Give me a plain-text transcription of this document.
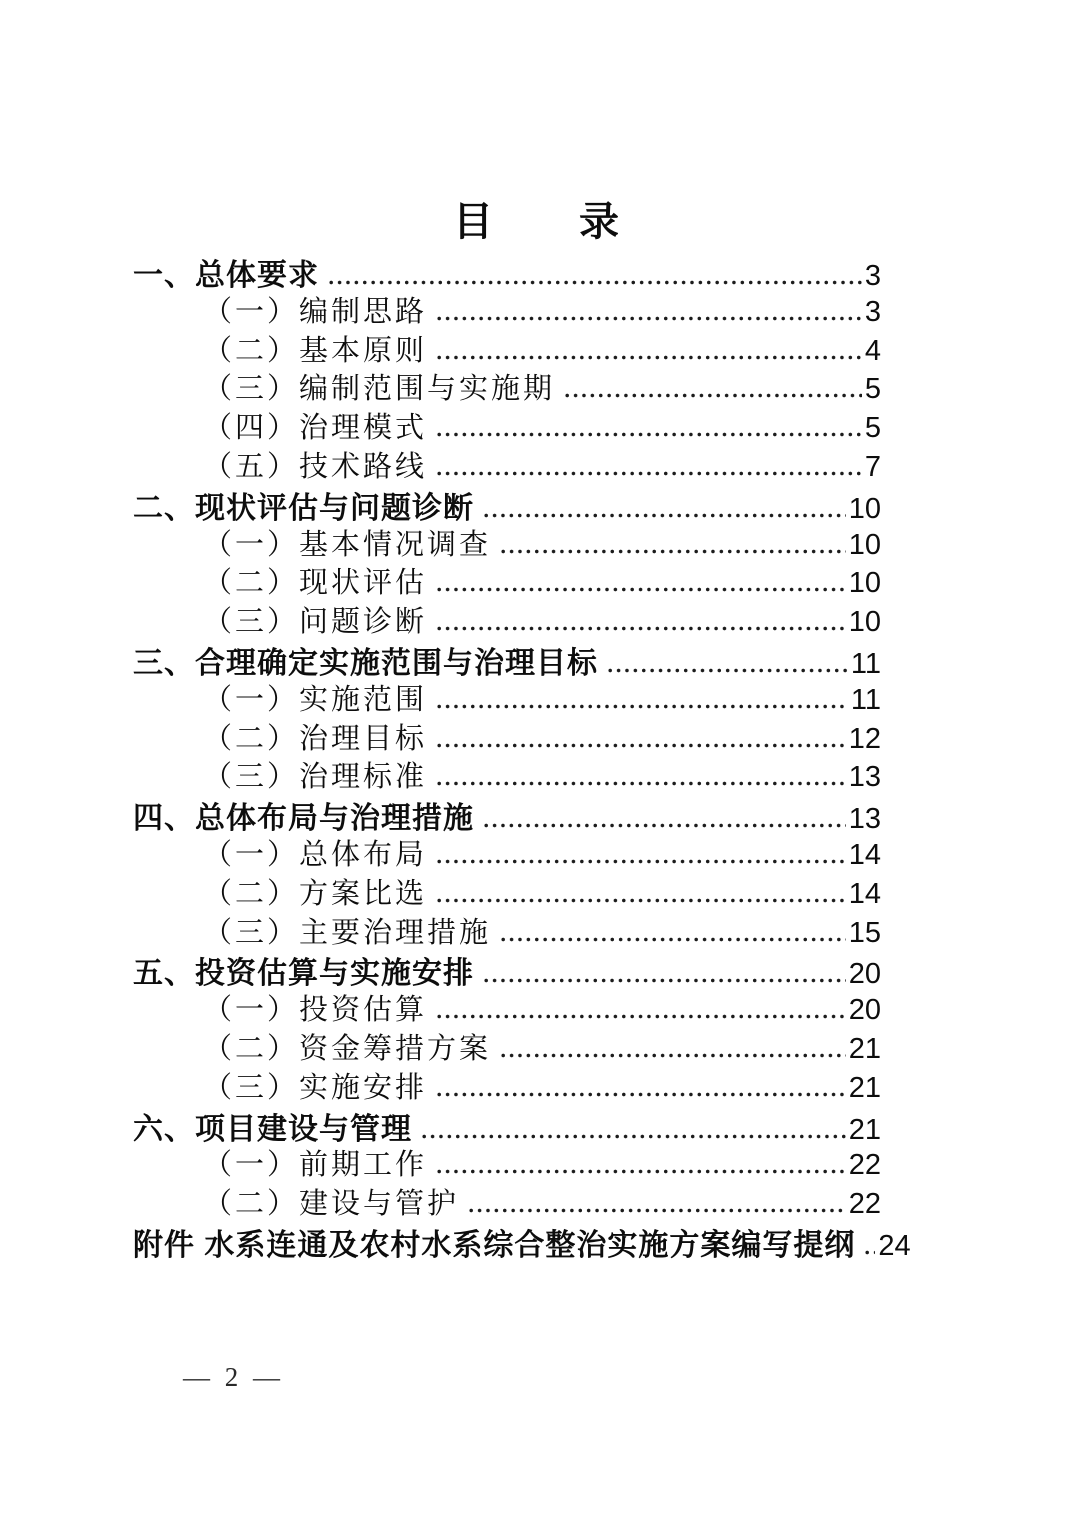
目　　录
一、总体要求	3
（一）编制思路	3
（二）基本原则	4
（三）编制范围与实施期	5
（四）治理模式	5
（五）技术路线	7
二、现状评估与问题诊断	10
（一）基本情况调查	10
（二）现状评估	10
（三）问题诊断	10
三、合理确定实施范围与治理目标	11
（一）实施范围	11
（二）治理目标	12
（三）治理标准	13
四、总体布局与治理措施	13
（一）总体布局	14
（二）方案比选	14
（三）主要治理措施	15
五、投资估算与实施安排	20
（一）投资估算	20
（二）资金筹措方案	21
（三）实施安排	21
六、项目建设与管理	21
（一）前期工作	22
（二）建设与管护	22
附件 水系连通及农村水系综合整治实施方案编写提纲 24
— 2 —
